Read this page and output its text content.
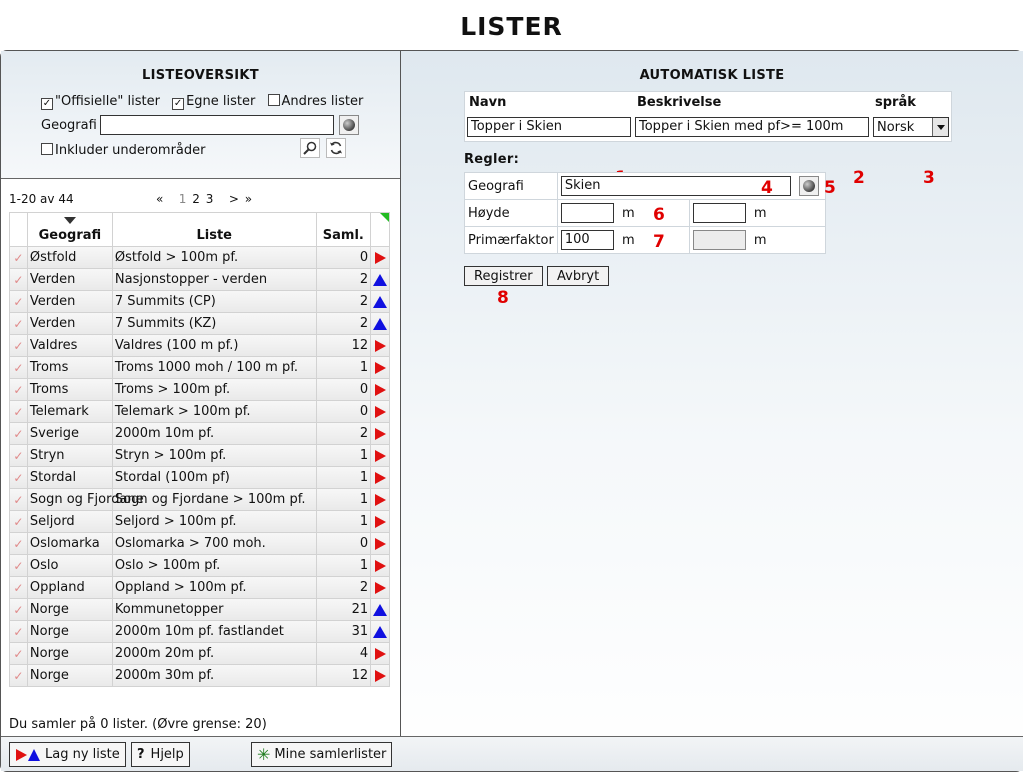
LISTER
LISTEOVERSIKT
✓ "Offisielle" lister ✓ Egne lister Andres lister
Geografi
Inkluder underområder
1-20 av 44	« 1 2 3 > »

Geografi	Liste	Saml.	

✓	Østfold	Østfold > 100m pf.	0	
✓	Verden	Nasjonstopper - verden	2	
✓	Verden	7 Summits (CP)	2	
✓	Verden	7 Summits (KZ)	2	
✓	Valdres	Valdres (100 m pf.)	12	
✓	Troms	Troms 1000 moh / 100 m pf.	1	
✓	Troms	Troms > 100m pf.	0	
✓	Telemark	Telemark > 100m pf.	0	
✓	Sverige	2000m 10m pf.	2	
✓	Stryn	Stryn > 100m pf.	1	
✓	Stordal	Stordal (100m pf)	1	
✓	Sogn og Fjordane	Sogn og Fjordane > 100m pf.	1	
✓	Seljord	Seljord > 100m pf.	1	
✓	Oslomarka	Oslomarka > 700 moh.	0	
✓	Oslo	Oslo > 100m pf.	1	
✓	Oppland	Oppland > 100m pf.	2	
✓	Norge	Kommunetopper	21	
✓	Norge	2000m 10m pf. fastlandet	31	
✓	Norge	2000m 20m pf.	4	
✓	Norge	2000m 30m pf.	12	
Du samler på 0 lister. (Øvre grense: 20)
AUTOMATISK LISTE
Navn	Beskrivelse	språk
Topper i Skien	Topper i Skien med pf>= 100m	Norsk
2	3
Regler:
Geografi	Skien	

Høyde	m	m
Primærfaktor	100 m	m
4	5
6
7
Registrer	Avbryt
8
Lag ny liste ? Hjelp	✳ Mine samlerlister
